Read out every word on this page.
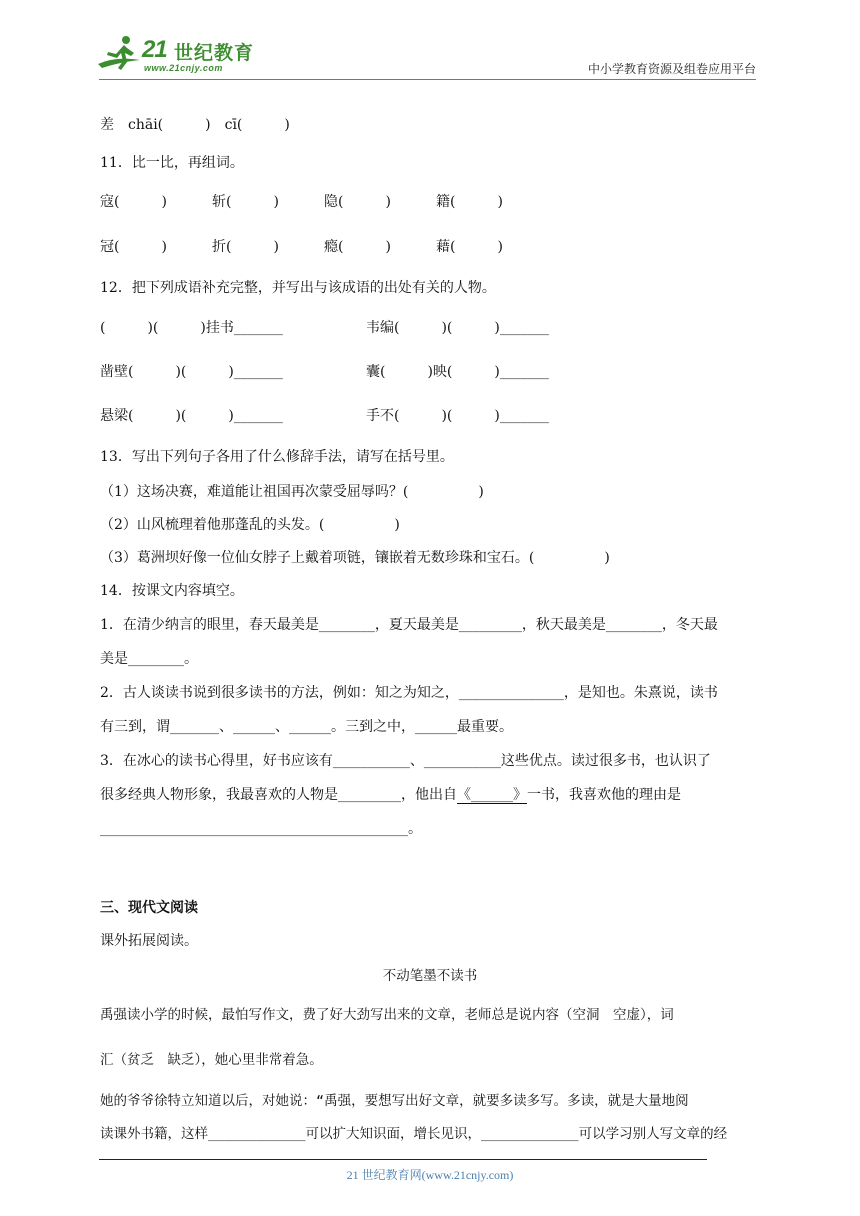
21 世纪教育
www.21cnjy.com	中小学教育资源及组卷应用平台
差　chāi(　　　)　cī(　　　)
11．比一比，再组词。
寇(　　　)	斩(　　　)	隐(　　　)	籍(　　　)
冠(　　　)	折(　　　)	瘾(　　　)	藉(　　　)
12．把下列成语补充完整，并写出与该成语的出处有关的人物。
(　　　)(　　　)挂书_______	韦编(　　　)(　　　)_______
凿壁(　　　)(　　　)_______	囊(　　　)映(　　　)_______
悬梁(　　　)(　　　)_______	手不(　　　)(　　　)_______
13．写出下列句子各用了什么修辞手法，请写在括号里。
（1）这场决赛，难道能让祖国再次蒙受屈辱吗？(　　　　　)
（2）山风梳理着他那蓬乱的头发。(　　　　　)
（3）葛洲坝好像一位仙女脖子上戴着项链，镶嵌着无数珍珠和宝石。(　　　　　)
14．按课文内容填空。
1．在清少纳言的眼里，春天最美是________，夏天最美是_________，秋天最美是________，冬天最
美是________。
2．古人谈读书说到很多读书的方法，例如：知之为知之，_______________，是知也。朱熹说，读书
有三到，谓_______、______、______。三到之中，______最重要。
3．在冰心的读书心得里，好书应该有___________、___________这些优点。读过很多书，也认识了
很多经典人物形象，我最喜欢的人物是_________，他出自《______》一书，我喜欢他的理由是
____________________________________________。
三、现代文阅读
课外拓展阅读。
不动笔墨不读书
禹强读小学的时候，最怕写作文，费了好大劲写出来的文章，老师总是说内容（空洞　空虚），词
汇（贫乏　缺乏），她心里非常着急。
她的爷爷徐特立知道以后，对她说：“禹强，要想写出好文章，就要多读多写。多读，就是大量地阅
读课外书籍，这样____________可以扩大知识面，增长见识，____________可以学习别人写文章的经
21 世纪教育网(www.21cnjy.com)
